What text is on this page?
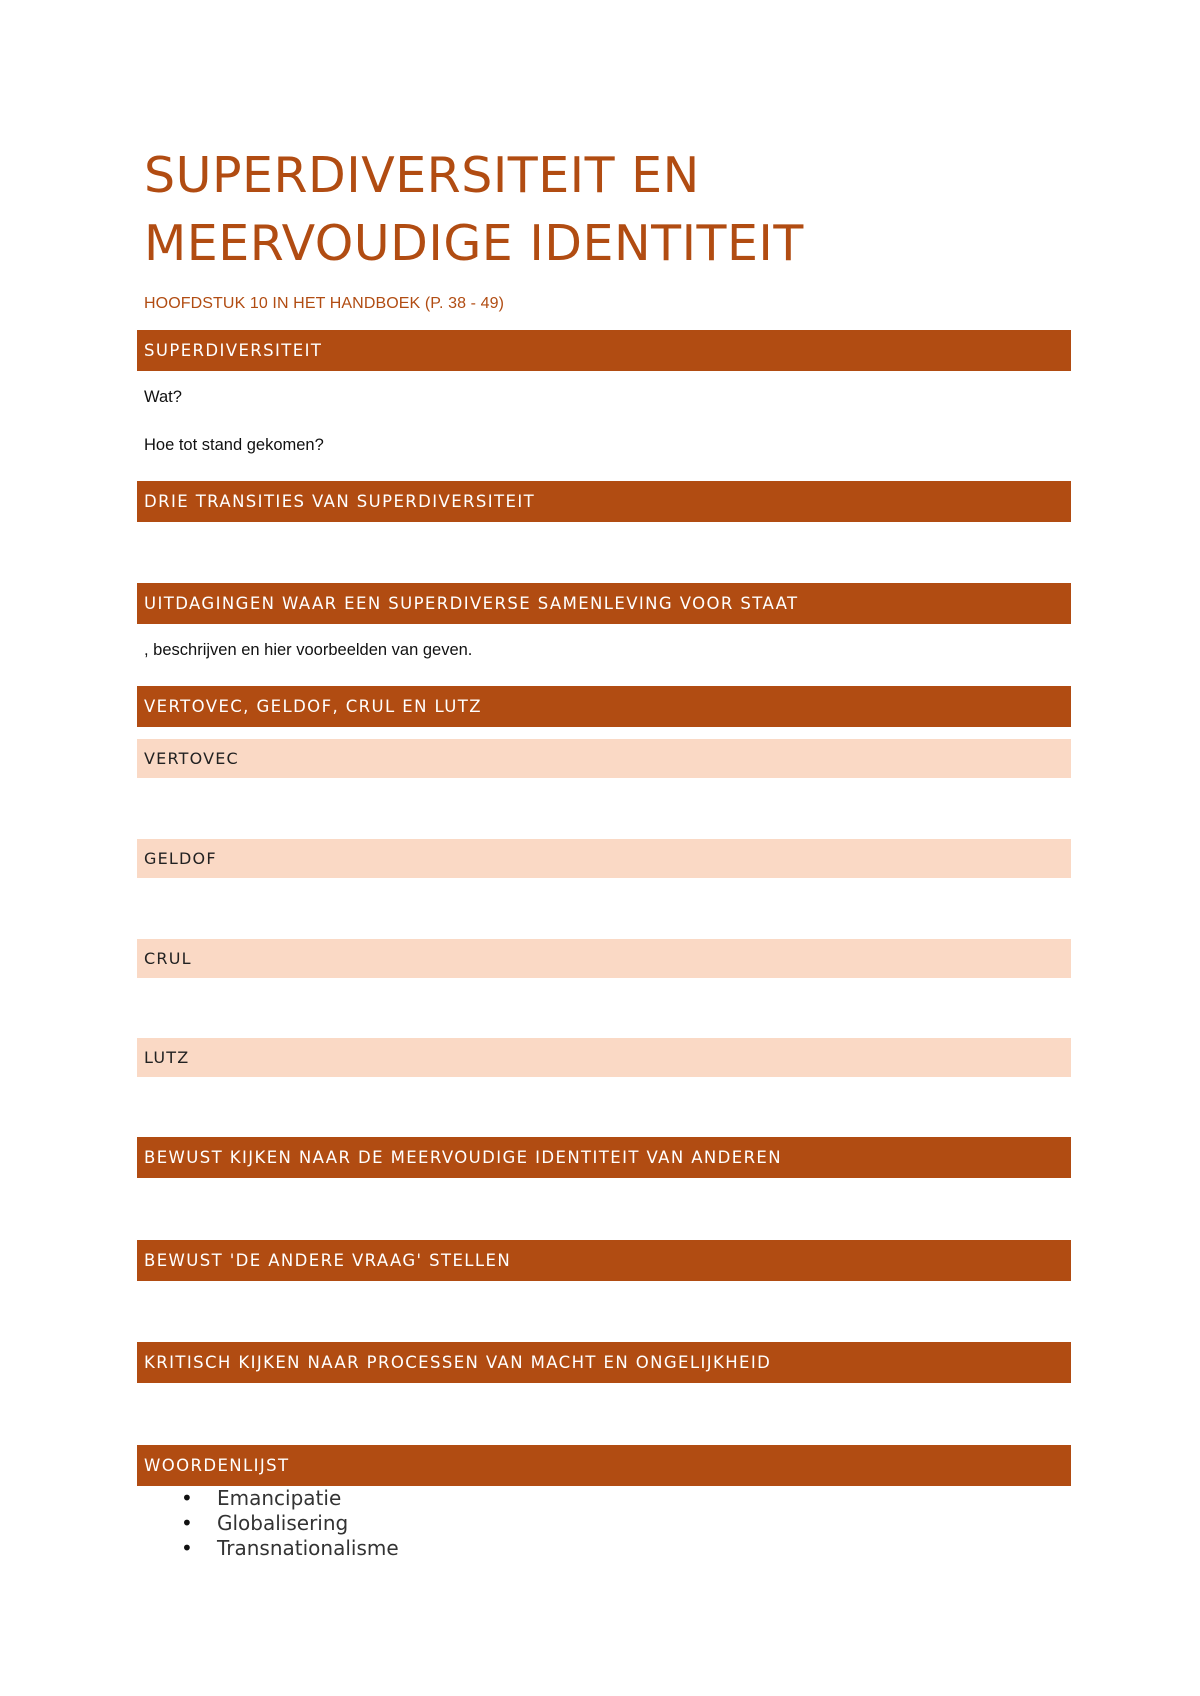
SUPERDIVERSITEIT EN
MEERVOUDIGE IDENTITEIT
HOOFDSTUK 10 IN HET HANDBOEK (P. 38 - 49)
SUPERDIVERSITEIT
Wat?
Hoe tot stand gekomen?
DRIE TRANSITIES VAN SUPERDIVERSITEIT
UITDAGINGEN WAAR EEN SUPERDIVERSE SAMENLEVING VOOR STAAT
, beschrijven en hier voorbeelden van geven.
VERTOVEC, GELDOF, CRUL EN LUTZ
VERTOVEC
GELDOF
CRUL
LUTZ
BEWUST KIJKEN NAAR DE MEERVOUDIGE IDENTITEIT VAN ANDEREN
BEWUST 'DE ANDERE VRAAG' STELLEN
KRITISCH KIJKEN NAAR PROCESSEN VAN MACHT EN ONGELIJKHEID
WOORDENLIJST
• Emancipatie
• Globalisering
• Transnationalisme
